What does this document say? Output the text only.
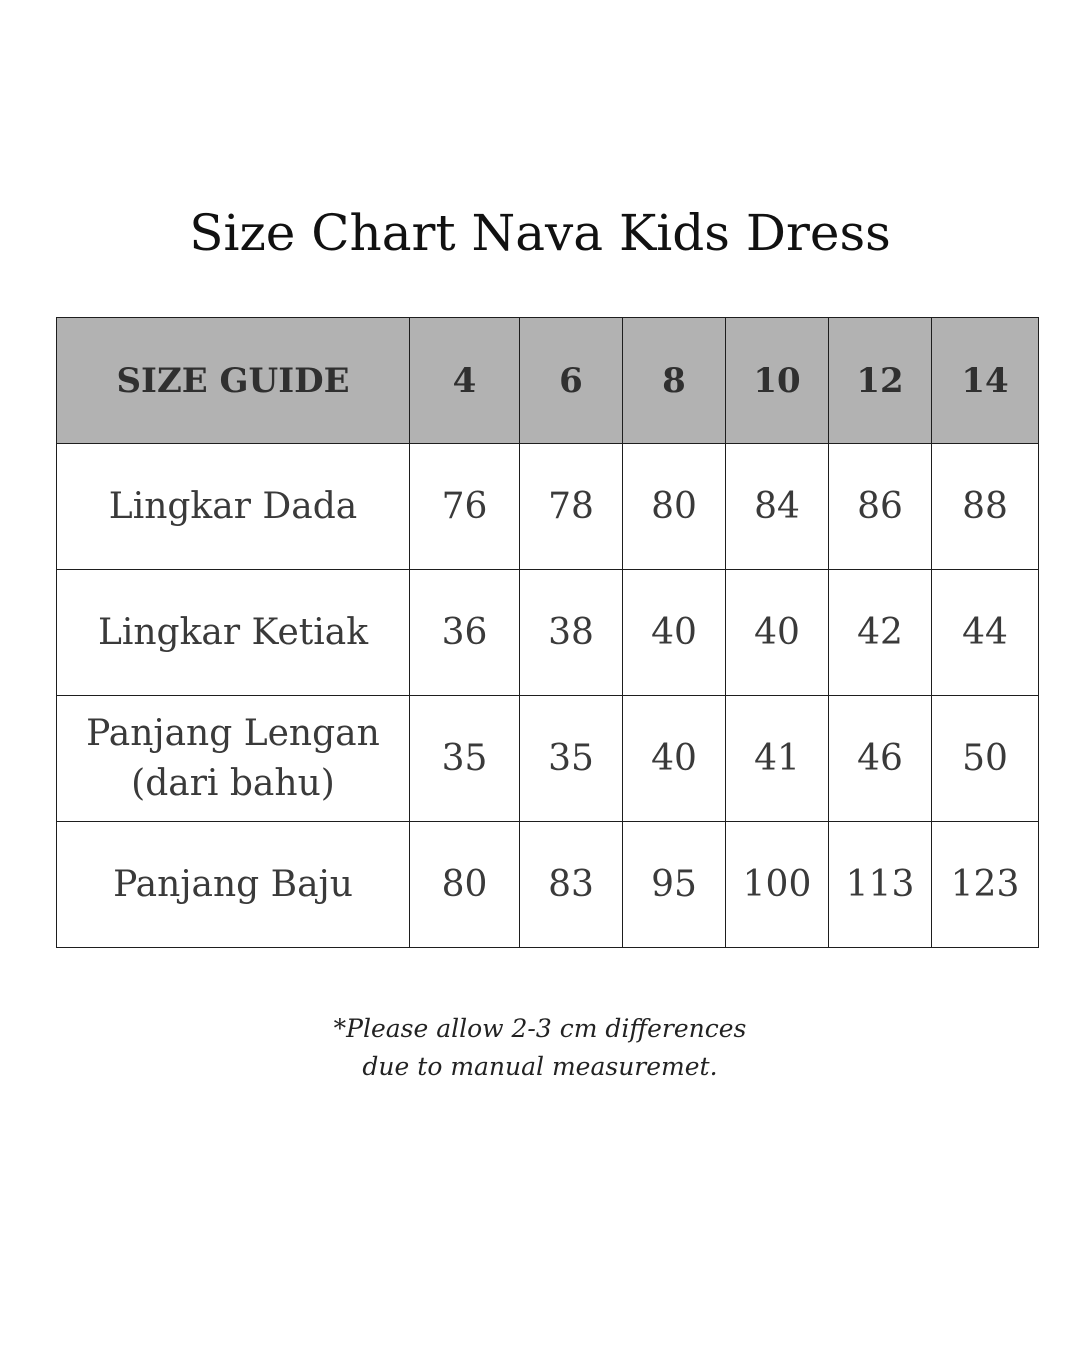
Size Chart Nava Kids Dress
SIZE GUIDE	4	6	8	10	12	14
Lingkar Dada	76	78	80	84	86	88
Lingkar Ketiak	36	38	40	40	42	44
Panjang Lengan
(dari bahu)	35	35	40	41	46	50
Panjang Baju	80	83	95	100	113	123
*Please allow 2-3 cm differences
due to manual measuremet.
